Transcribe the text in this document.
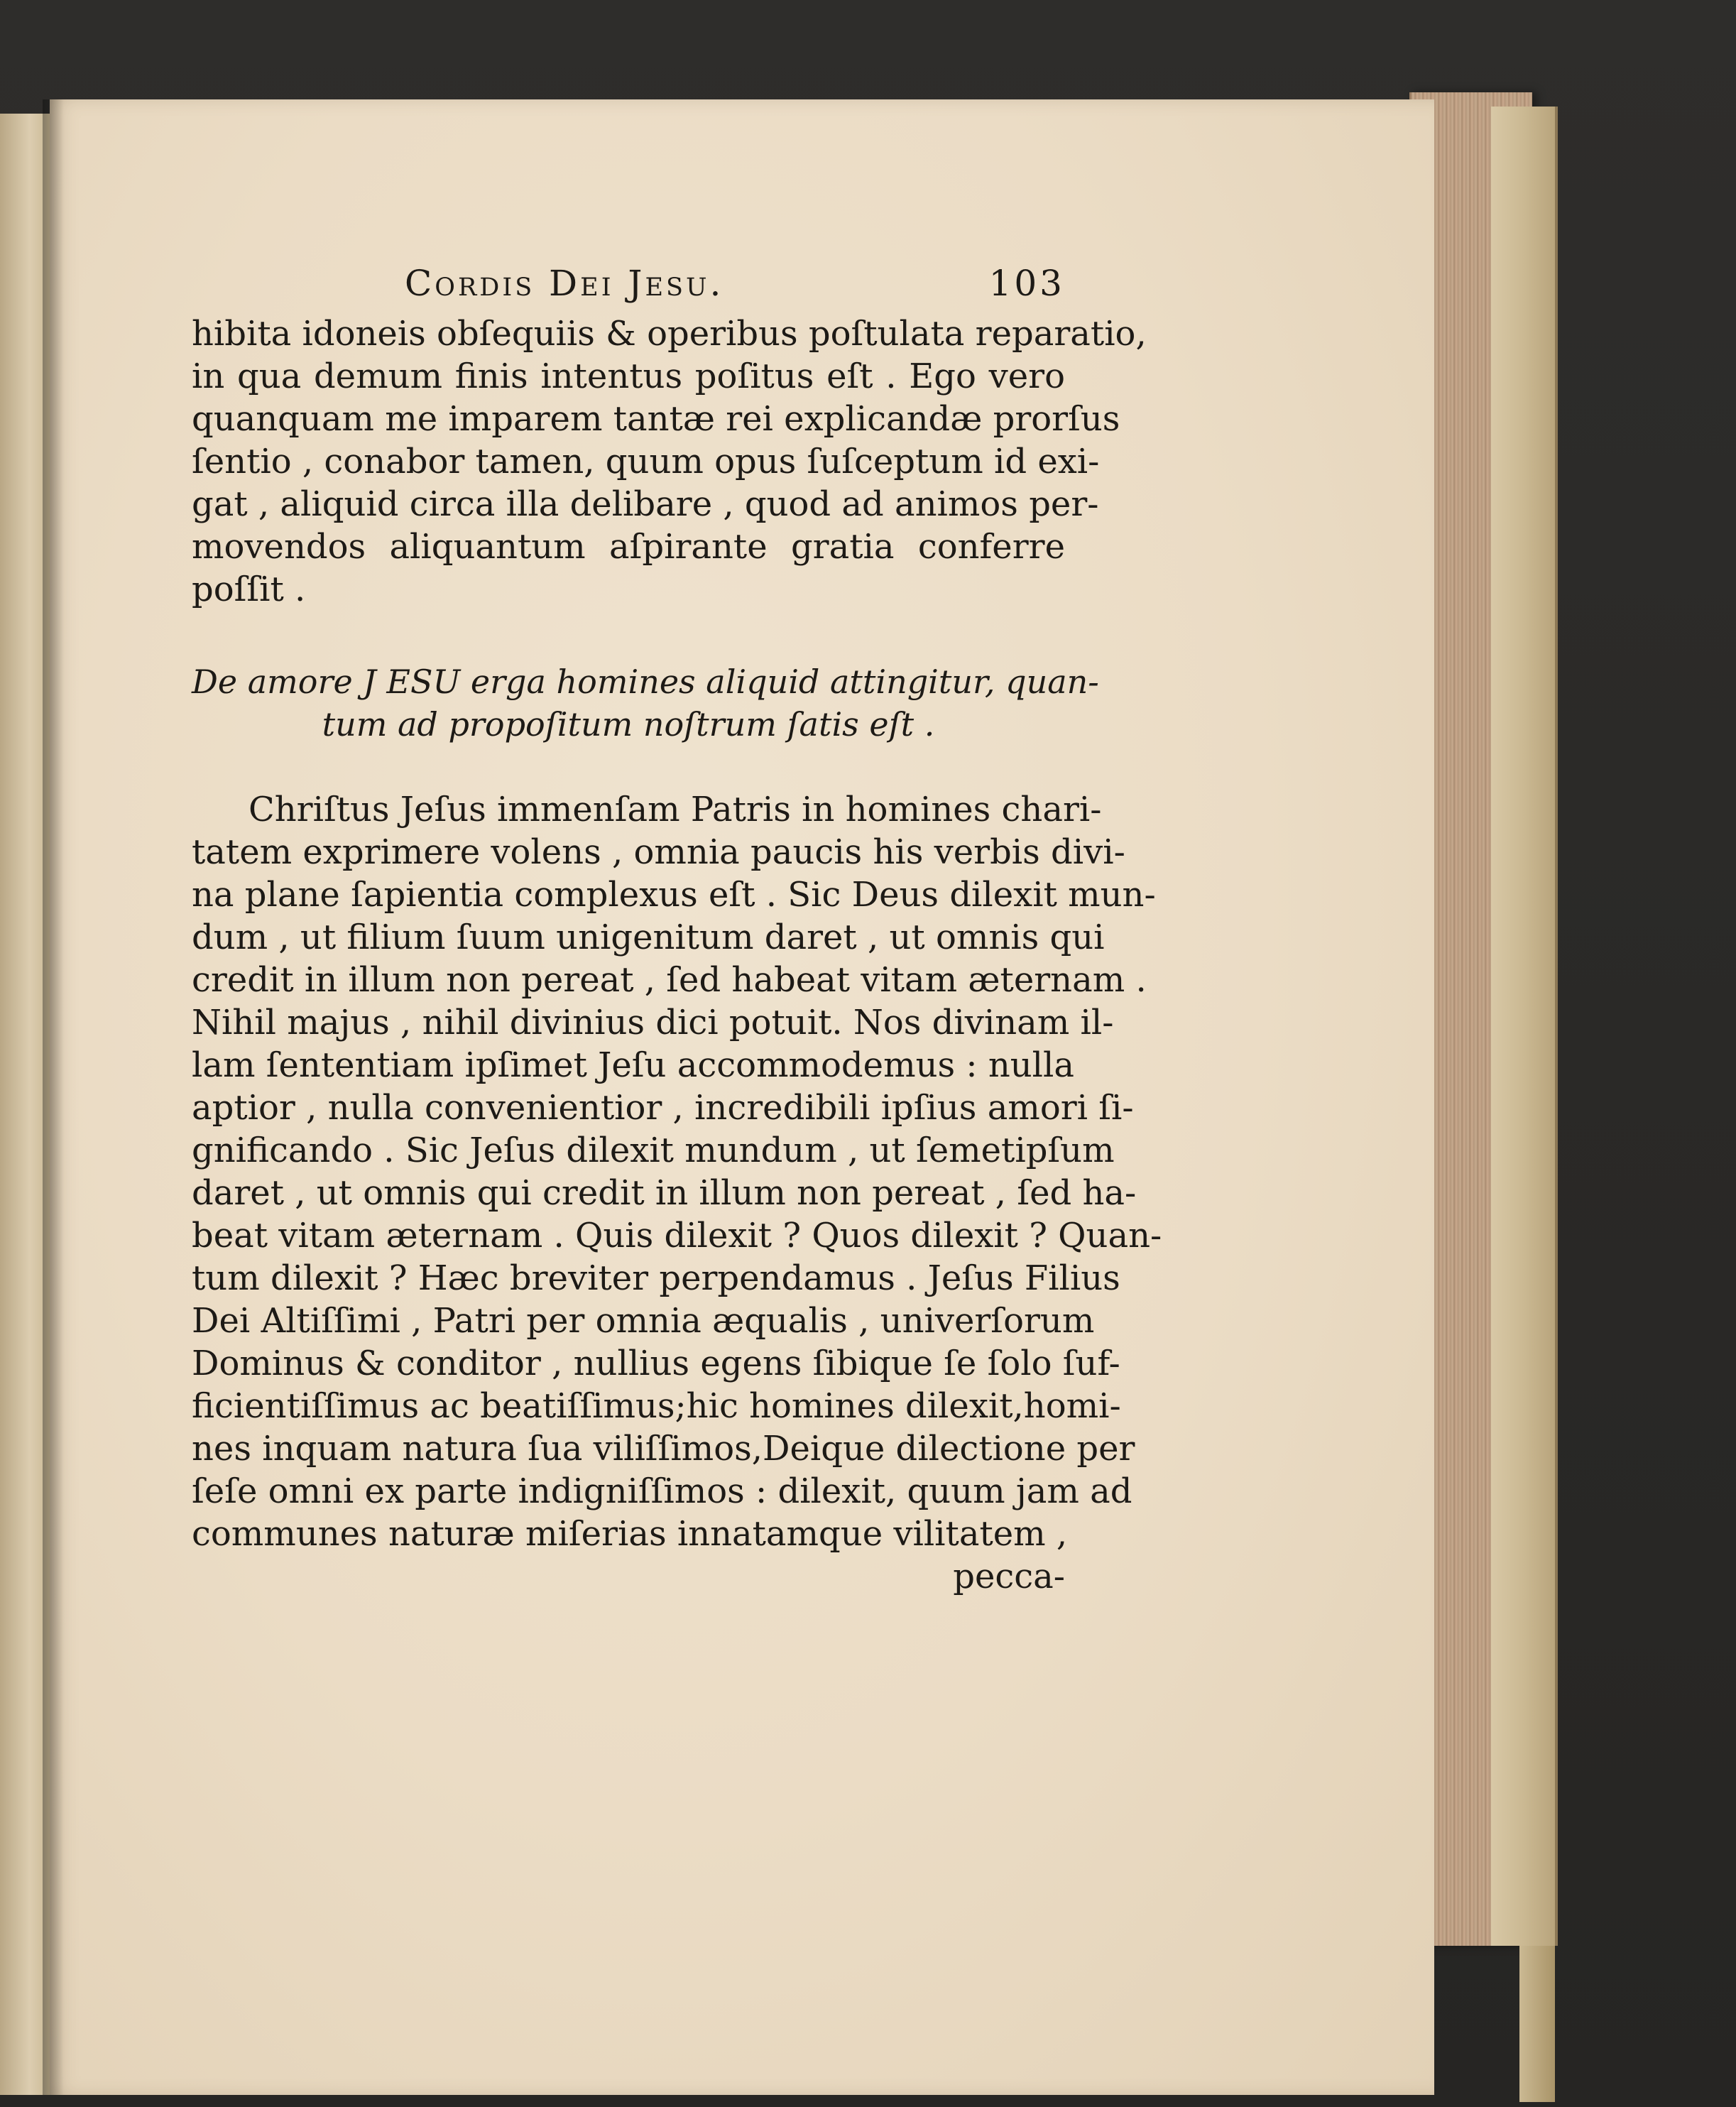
Cordis Dei Jesu.	103
hibita idoneis obſequiis & operibus poſtulata reparatio,
in qua demum finis intentus poſitus eſt . Ego vero
quanquam me imparem tantæ rei explicandæ prorſus
ſentio , conabor tamen, quum opus ſuſceptum id exi-
gat , aliquid circa illa delibare , quod ad animos per-
movendos aliquantum aſpirante gratia conferre
poſſit .
De amore J ESU erga homines aliquid attingitur, quan-
tum ad propoſitum noſtrum ſatis eſt .
Chriſtus Jeſus immenſam Patris in homines chari-
tatem exprimere volens , omnia paucis his verbis divi-
na plane ſapientia complexus eſt . Sic Deus dilexit mun-
dum , ut filium ſuum unigenitum daret , ut omnis qui
credit in illum non pereat , ſed habeat vitam æternam .
Nihil majus , nihil divinius dici potuit. Nos divinam il-
lam ſententiam ipſimet Jeſu accommodemus : nulla
aptior , nulla convenientior , incredibili ipſius amori ſi-
gnificando . Sic Jeſus dilexit mundum , ut ſemetipſum
daret , ut omnis qui credit in illum non pereat , ſed ha-
beat vitam æternam . Quis dilexit ? Quos dilexit ? Quan-
tum dilexit ? Hæc breviter perpendamus . Jeſus Filius
Dei Altiſſimi , Patri per omnia æqualis , univerſorum
Dominus & conditor , nullius egens ſibique ſe ſolo ſuf-
ficientiſſimus ac beatiſſimus;hic homines dilexit,homi-
nes inquam natura ſua viliſſimos,Deique dilectione per
ſeſe omni ex parte indigniſſimos : dilexit, quum jam ad
communes naturæ miſerias innatamque vilitatem ,
pecca-
